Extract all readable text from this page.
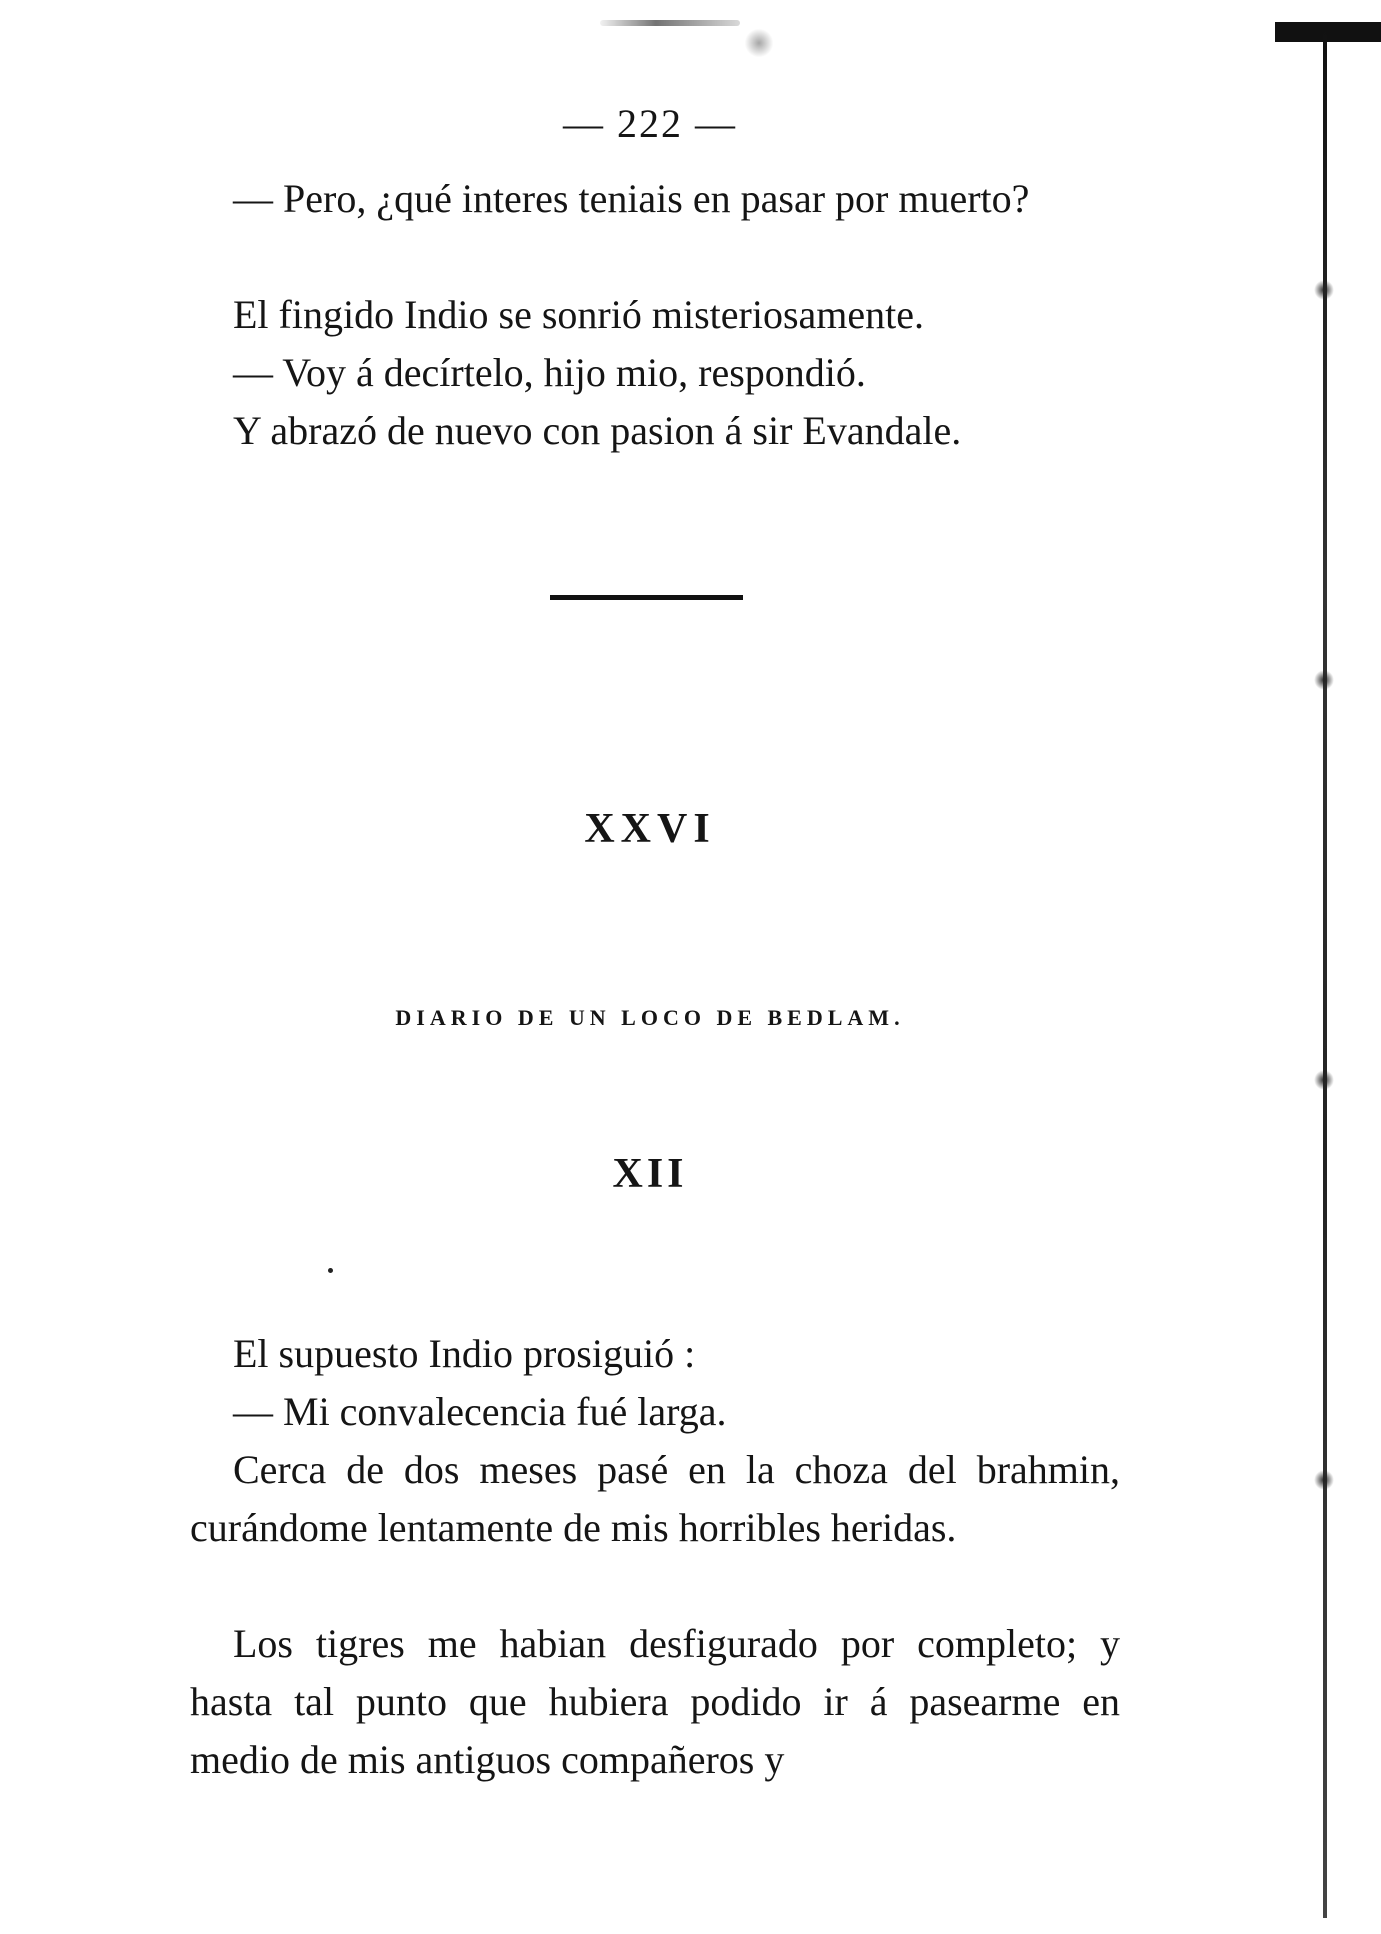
— 222 —

— Pero, ¿qué interes teniais en pasar por muerto?

El fingido Indio se sonrió misteriosamente.

— Voy á decírtelo, hijo mio, respondió.

Y abrazó de nuevo con pasion á sir Evandale.

XXVI
DIARIO DE UN LOCO DE BEDLAM.
XII

El supuesto Indio prosiguió :

— Mi convalecencia fué larga.

Cerca de dos meses pasé en la choza del brahmin, curándome lentamente de mis horribles heridas.

Los tigres me habian desfigurado por completo; y hasta tal punto que hubiera podido ir á pasearme en medio de mis antiguos compañeros y
